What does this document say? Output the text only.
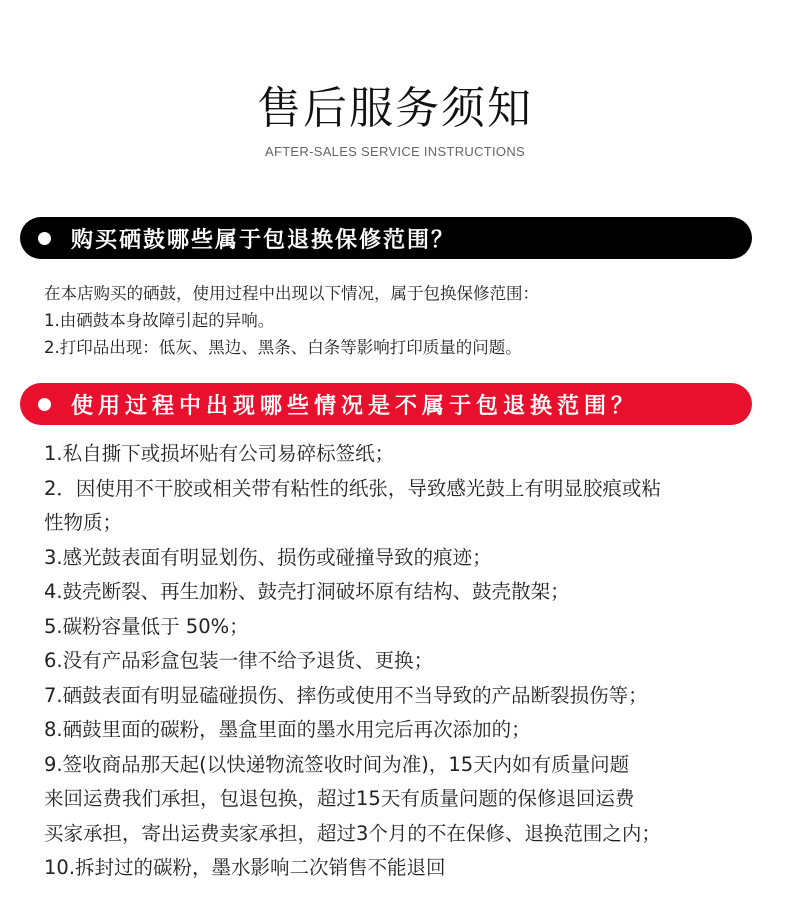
售后服务须知
AFTER-SALES SERVICE INSTRUCTIONS
购买硒鼓哪些属于包退换保修范围？
在本店购买的硒鼓，使用过程中出现以下情况，属于包换保修范围：
1.由硒鼓本身故障引起的异响。
2.打印品出现：低灰、黑边、黑条、白条等影响打印质量的问题。
使用过程中出现哪些情况是不属于包退换范围？
1.私自撕下或损坏贴有公司易碎标签纸；
2．因使用不干胶或相关带有粘性的纸张，导致感光鼓上有明显胶痕或粘
性物质；
3.感光鼓表面有明显划伤、损伤或碰撞导致的痕迹；
4.鼓壳断裂、再生加粉、鼓壳打洞破坏原有结构、鼓壳散架；
5.碳粉容量低于 50%；
6.没有产品彩盒包装一律不给予退货、更换；
7.硒鼓表面有明显磕碰损伤、摔伤或使用不当导致的产品断裂损伤等；
8.硒鼓里面的碳粉，墨盒里面的墨水用完后再次添加的；
9.签收商品那天起(以快递物流签收时间为准)，15天内如有质量问题
来回运费我们承担，包退包换，超过15天有质量问题的保修退回运费
买家承担，寄出运费卖家承担，超过3个月的不在保修、退换范围之内；
10.拆封过的碳粉，墨水影响二次销售不能退回
